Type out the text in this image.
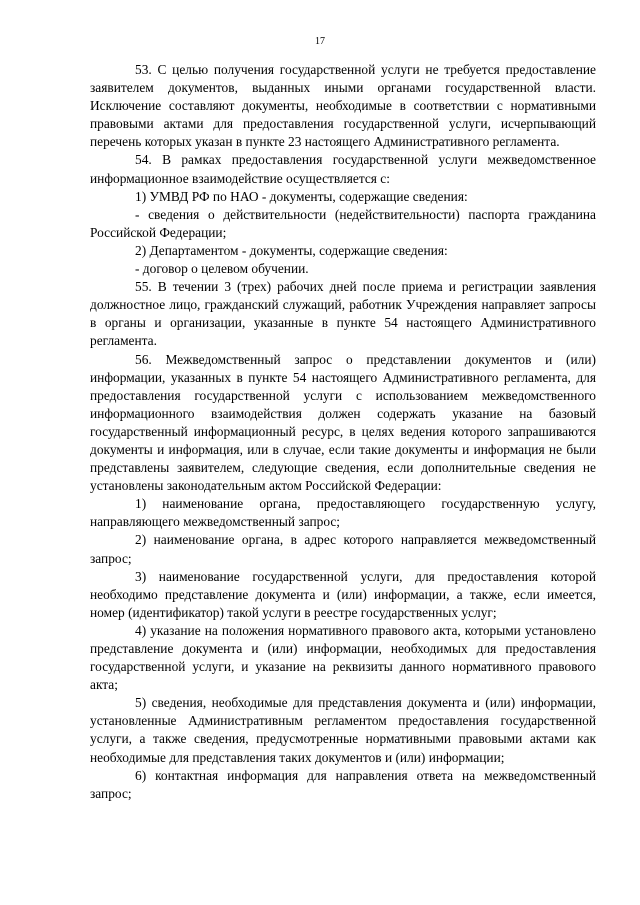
17

53. С целью получения государственной услуги не требуется предоставление заявителем документов, выданных иными органами государственной власти. Исключение составляют документы, необходимые в соответствии с нормативными правовыми актами для предоставления государственной услуги, исчерпывающий перечень которых указан в пункте 23 настоящего Административного регламента.

54. В рамках предоставления государственной услуги межведомственное информационное взаимодействие осуществляется с:

1) УМВД РФ по НАО - документы, содержащие сведения:

- сведения о действительности (недействительности) паспорта гражданина Российской Федерации;

2) Департаментом - документы, содержащие сведения:

- договор о целевом обучении.

55. В течении 3 (трех) рабочих дней после приема и регистрации заявления должностное лицо, гражданский служащий, работник Учреждения направляет запросы в органы и организации, указанные в пункте 54 настоящего Административного регламента.

56. Межведомственный запрос о представлении документов и (или) информации, указанных в пункте 54 настоящего Административного регламента, для предоставления государственной услуги с использованием межведомственного информационного взаимодействия должен содержать указание на базовый государственный информационный ресурс, в целях ведения которого запрашиваются документы и информация, или в случае, если такие документы и информация не были представлены заявителем, следующие сведения, если дополнительные сведения не установлены законодательным актом Российской Федерации:

1) наименование органа, предоставляющего государственную услугу, направляющего межведомственный запрос;

2) наименование органа, в адрес которого направляется межведомственный запрос;

3) наименование государственной услуги, для предоставления которой необходимо представление документа и (или) информации, а также, если имеется, номер (идентификатор) такой услуги в реестре государственных услуг;

4) указание на положения нормативного правового акта, которыми установлено представление документа и (или) информации, необходимых для предоставления государственной услуги, и указание на реквизиты данного нормативного правового акта;

5) сведения, необходимые для представления документа и (или) информации, установленные Административным регламентом предоставления государственной услуги, а также сведения, предусмотренные нормативными правовыми актами как необходимые для представления таких документов и (или) информации;

6) контактная информация для направления ответа на межведомственный запрос;
